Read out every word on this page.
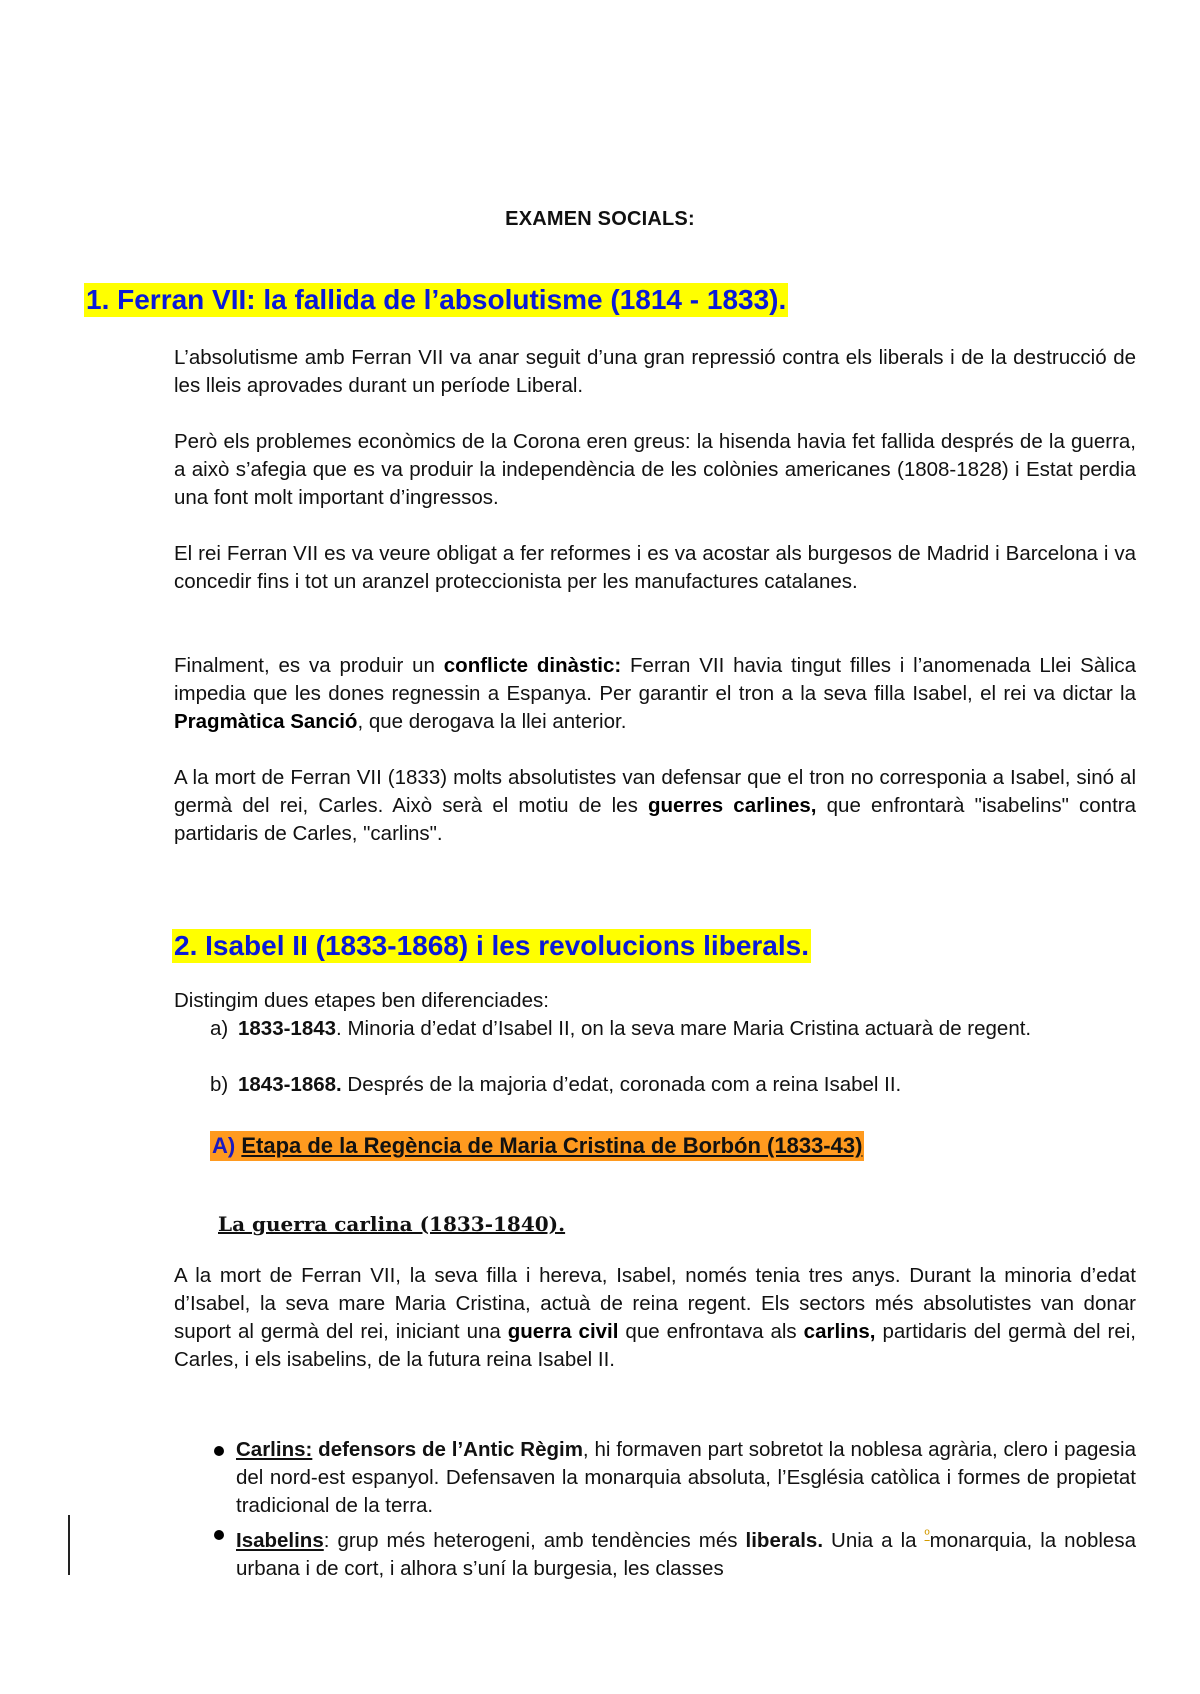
EXAMEN SOCIALS:
1. Ferran VII: la fallida de l’absolutisme (1814 - 1833).
L’absolutisme amb Ferran VII va anar seguit d’una gran repressió contra els liberals i de la destrucció de les lleis aprovades durant un període Liberal.
Però els problemes econòmics de la Corona eren greus: la hisenda havia fet fallida després de la guerra, a això s’afegia que es va produir la independència de les colònies americanes (1808-1828) i Estat perdia una font molt important d’ingressos.
El rei Ferran VII es va veure obligat a fer reformes i es va acostar als burgesos de Madrid i Barcelona i va concedir fins i tot un aranzel proteccionista per les manufactures catalanes.
Finalment, es va produir un conflicte dinàstic: Ferran VII havia tingut filles i l’anomenada Llei Sàlica impedia que les dones regnessin a Espanya. Per garantir el tron a la seva filla Isabel, el rei va dictar la Pragmàtica Sanció, que derogava la llei anterior.
A la mort de Ferran VII (1833) molts absolutistes van defensar que el tron no corresponia a Isabel, sinó al germà del rei, Carles. Això serà el motiu de les guerres carlines, que enfrontarà "isabelins" contra partidaris de Carles, "carlins".
2. Isabel II (1833-1868) i les revolucions liberals.
Distingim dues etapes ben diferenciades:
a) 1833-1843. Minoria d’edat d’Isabel II, on la seva mare Maria Cristina actuarà de regent.
b) 1843-1868. Després de la majoria d’edat, coronada com a reina Isabel II.
A) Etapa de la Regència de Maria Cristina de Borbón (1833-43)
La guerra carlina (1833-1840).
A la mort de Ferran VII, la seva filla i hereva, Isabel, només tenia tres anys. Durant la minoria d’edat d’Isabel, la seva mare Maria Cristina, actuà de reina regent. Els sectors més absolutistes van donar suport al germà del rei, iniciant una guerra civil que enfrontava als carlins, partidaris del germà del rei, Carles, i els isabelins, de la futura reina Isabel II.
Carlins: defensors de l’Antic Règim, hi formaven part sobretot la noblesa agrària, clero i pagesia del nord-est espanyol. Defensaven la monarquia absoluta, l’Església catòlica i formes de propietat tradicional de la terra.
Isabelins: grup més heterogeni, amb tendències més liberals. Unia a la $^º$monarquia, la noblesa urbana i de cort, i alhora s’uní la burgesia, les classes
